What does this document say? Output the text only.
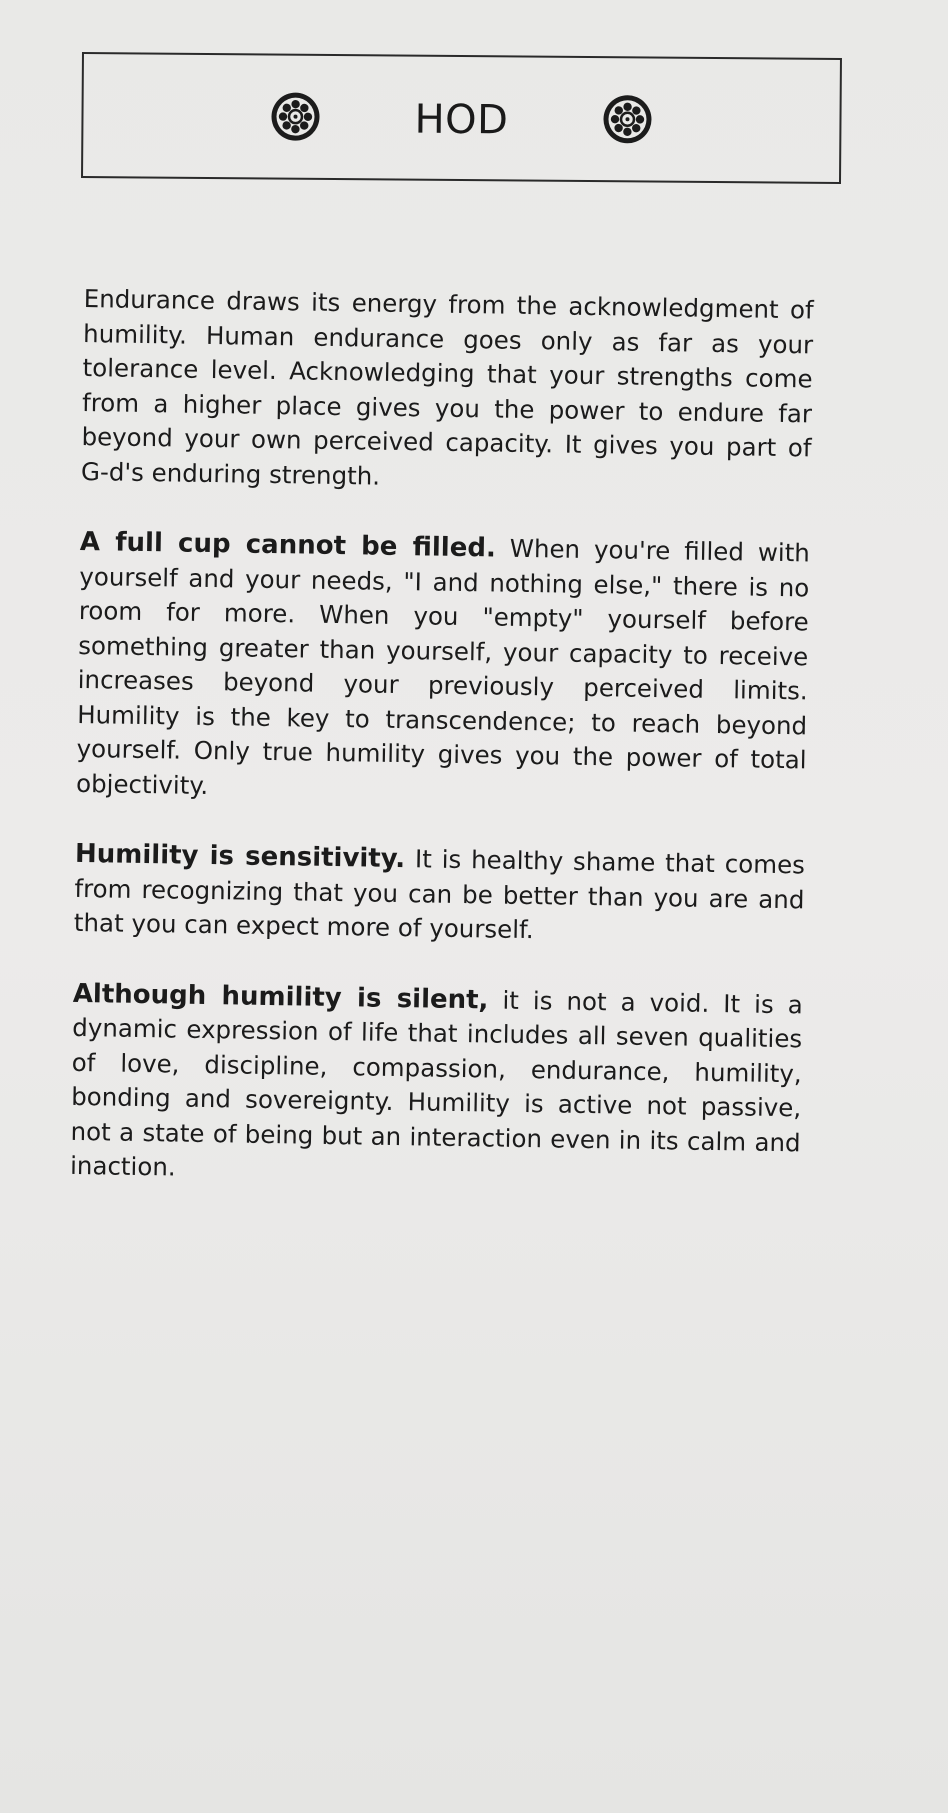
HOD

Endurance draws its energy from the acknowledgment of humility. Human endurance goes only as far as your tolerance level. Acknowledging that your strengths come from a higher place gives you the power to endure far beyond your own perceived capacity. It gives you part of G-d's enduring strength.

A full cup cannot be filled. When you're filled with yourself and your needs, "I and nothing else," there is no room for more. When you "empty" yourself before something greater than yourself, your capacity to receive increases beyond your previously perceived limits. Humility is the key to transcendence; to reach beyond yourself. Only true humility gives you the power of total objectivity.

Humility is sensitivity. It is healthy shame that comes from recognizing that you can be better than you are and that you can expect more of yourself.

Although humility is silent, it is not a void. It is a dynamic expression of life that includes all seven qualities of love, discipline, compassion, endurance, humility, bonding and sovereignty. Humility is active not passive, not a state of being but an interaction even in its calm and inaction.
